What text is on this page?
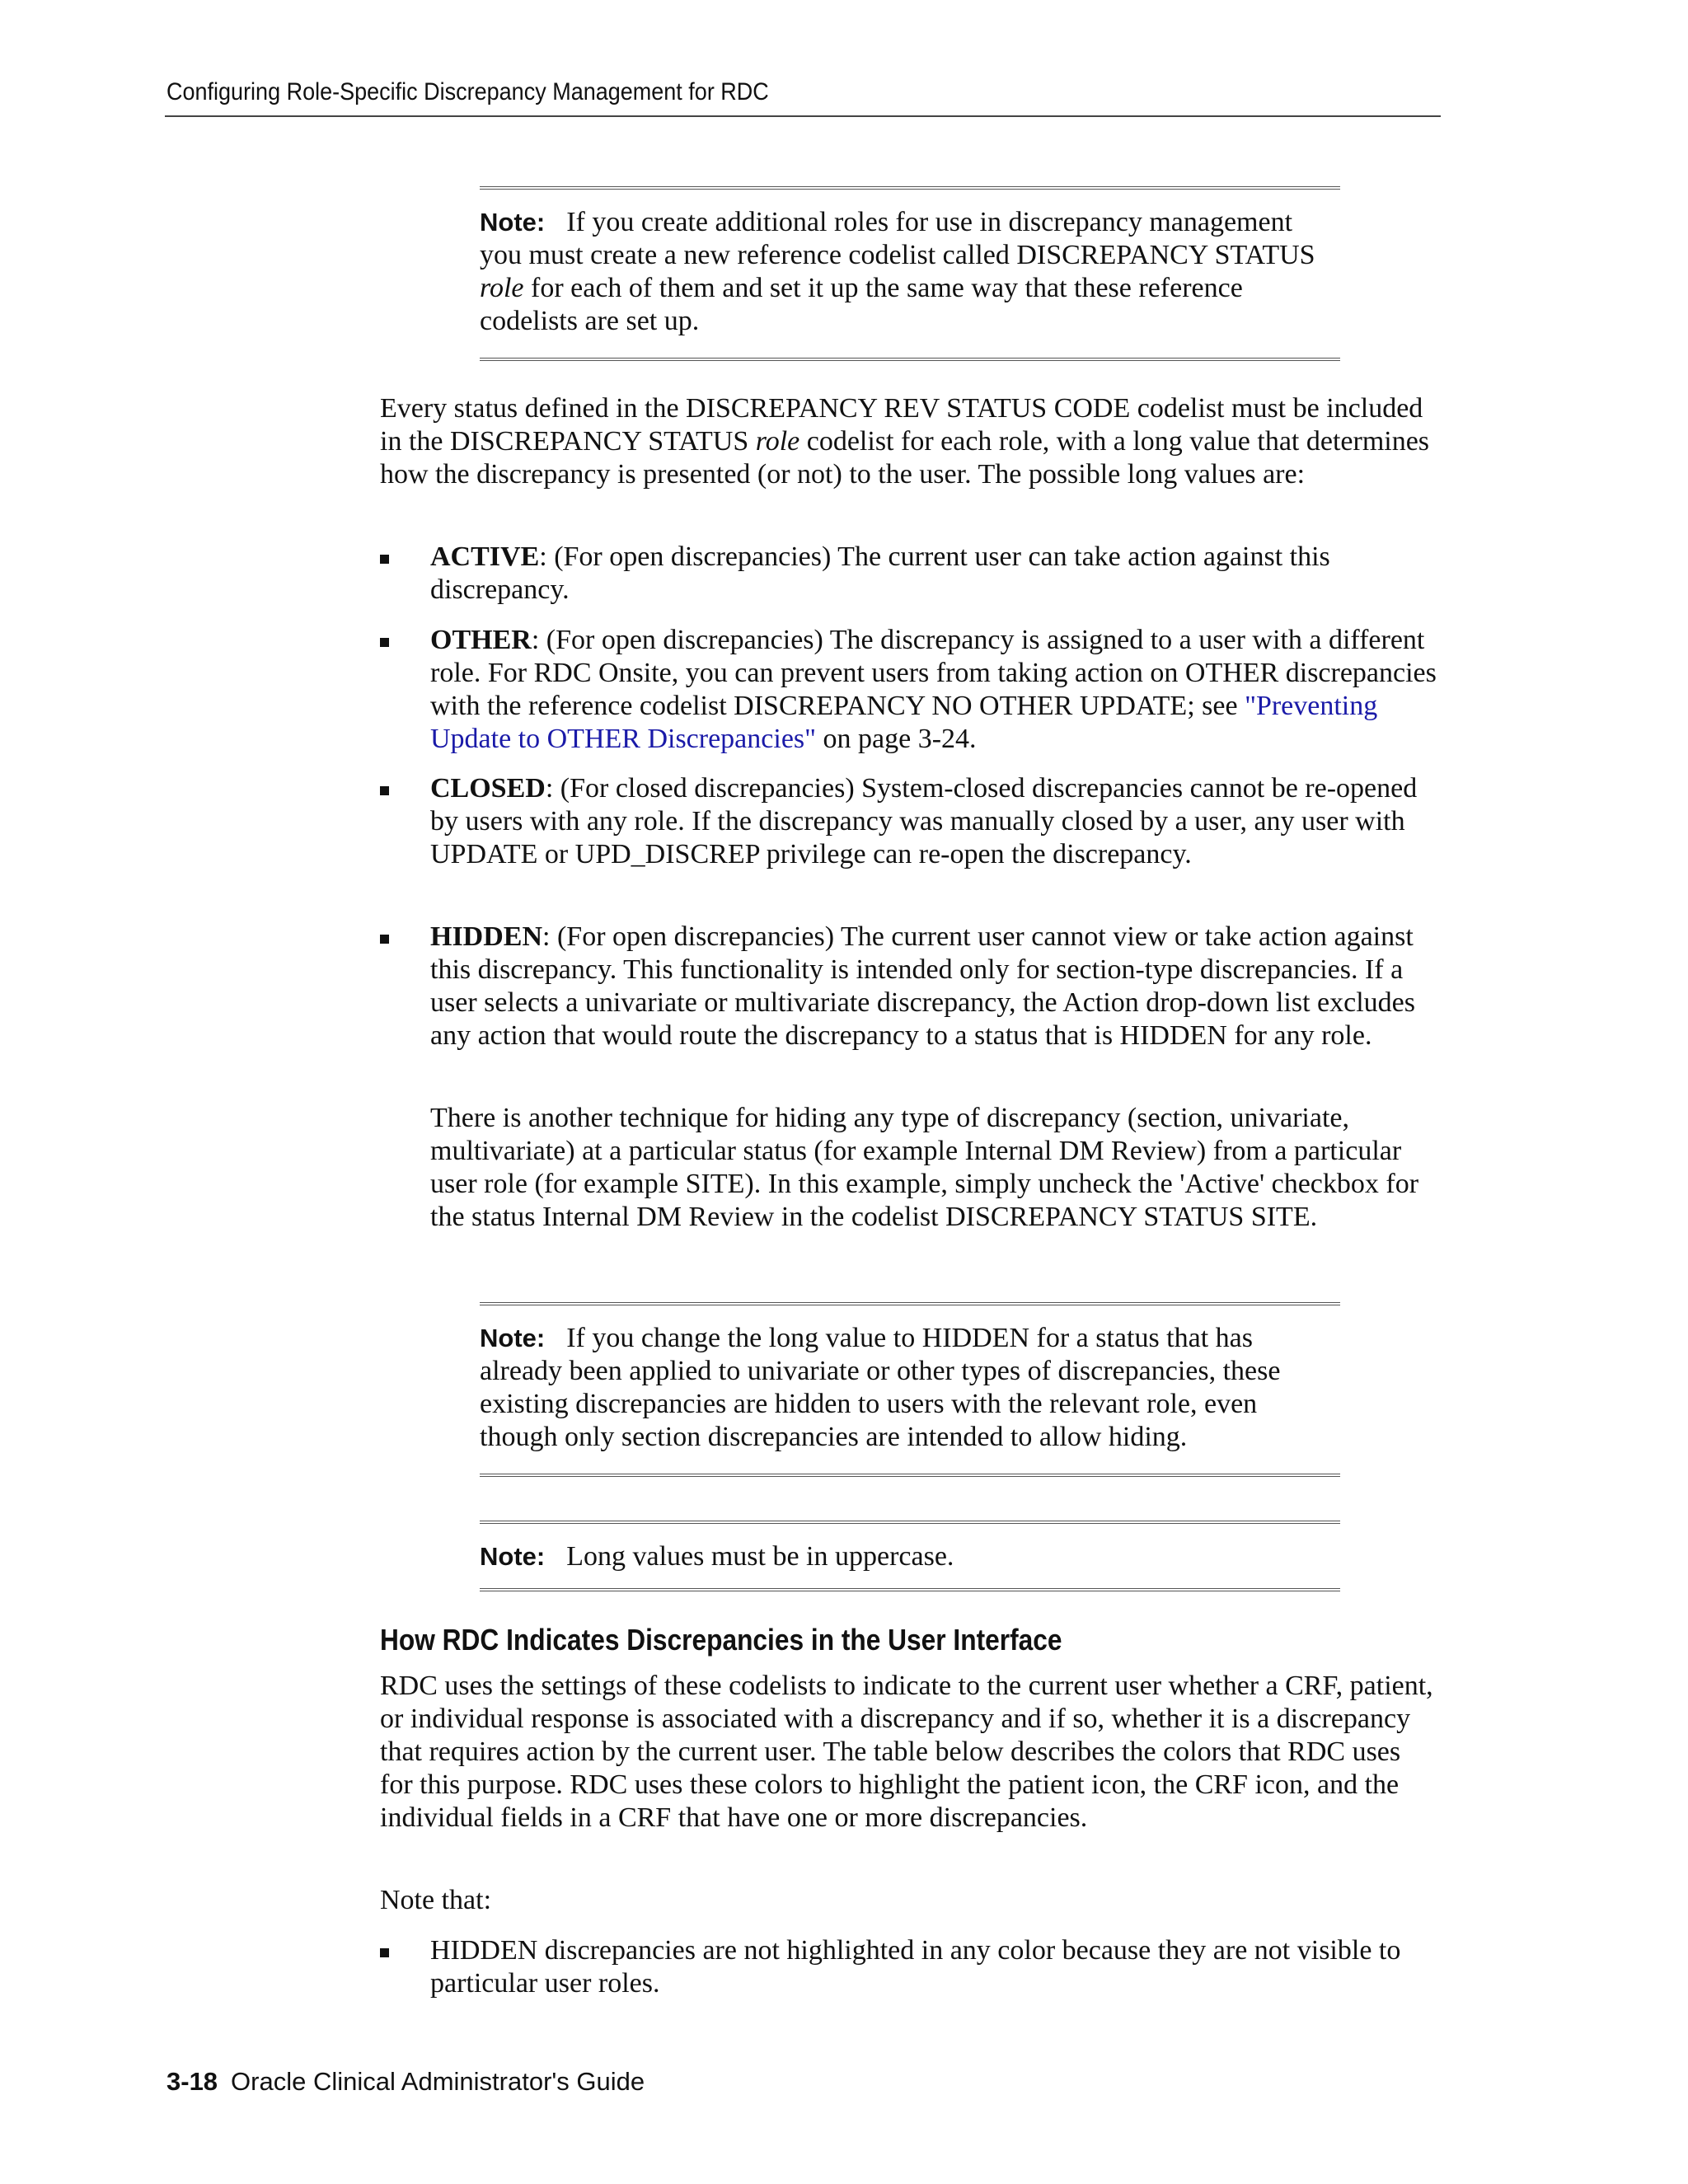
Configuring Role-Specific Discrepancy Management for RDC

Note: If you create additional roles for use in discrepancy management you must create a new reference codelist called DISCREPANCY STATUS role for each of them and set it up the same way that these reference codelists are set up.

Every status defined in the DISCREPANCY REV STATUS CODE codelist must be included in the DISCREPANCY STATUS role codelist for each role, with a long value that determines how the discrepancy is presented (or not) to the user. The possible long values are:

ACTIVE: (For open discrepancies) The current user can take action against this discrepancy.

OTHER: (For open discrepancies) The discrepancy is assigned to a user with a different role. For RDC Onsite, you can prevent users from taking action on OTHER discrepancies with the reference codelist DISCREPANCY NO OTHER UPDATE; see "Preventing Update to OTHER Discrepancies" on page 3-24.

CLOSED: (For closed discrepancies) System-closed discrepancies cannot be re-opened by users with any role. If the discrepancy was manually closed by a user, any user with UPDATE or UPD_DISCREP privilege can re-open the discrepancy.

HIDDEN: (For open discrepancies) The current user cannot view or take action against this discrepancy. This functionality is intended only for section-type discrepancies. If a user selects a univariate or multivariate discrepancy, the Action drop-down list excludes any action that would route the discrepancy to a status that is HIDDEN for any role.

There is another technique for hiding any type of discrepancy (section, univariate, multivariate) at a particular status (for example Internal DM Review) from a particular user role (for example SITE). In this example, simply uncheck the 'Active' checkbox for the status Internal DM Review in the codelist DISCREPANCY STATUS SITE.

Note: If you change the long value to HIDDEN for a status that has already been applied to univariate or other types of discrepancies, these existing discrepancies are hidden to users with the relevant role, even though only section discrepancies are intended to allow hiding.

Note: Long values must be in uppercase.

How RDC Indicates Discrepancies in the User Interface

RDC uses the settings of these codelists to indicate to the current user whether a CRF, patient, or individual response is associated with a discrepancy and if so, whether it is a discrepancy that requires action by the current user. The table below describes the colors that RDC uses for this purpose. RDC uses these colors to highlight the patient icon, the CRF icon, and the individual fields in a CRF that have one or more discrepancies.

Note that:

HIDDEN discrepancies are not highlighted in any color because they are not visible to particular user roles.

3-18 Oracle Clinical Administrator's Guide
